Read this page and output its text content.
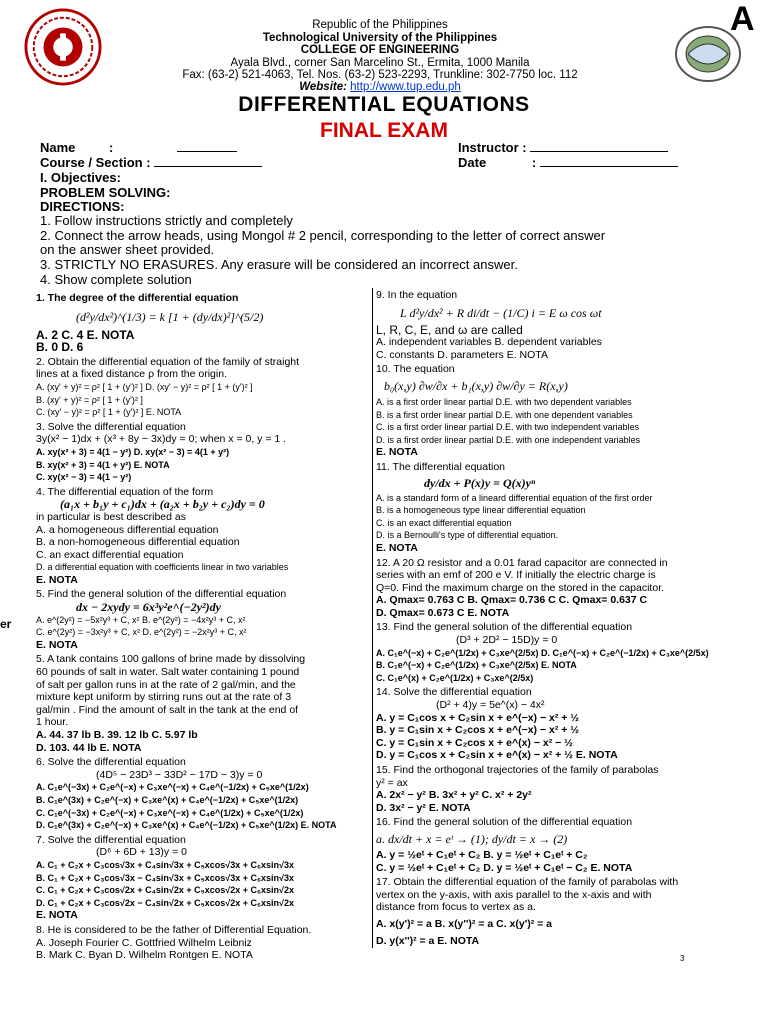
A
Republic of the Philippines
Technological University of the Philippines
COLLEGE OF ENGINEERING
Ayala Blvd., corner San Marcelino St., Ermita, 1000 Manila
Fax: (63-2) 521-4063, Tel. Nos. (63-2) 523-2293, Trunkline: 302-7750 loc. 112
Website: http://www.tup.edu.ph
DIFFERENTIAL EQUATIONS
FINAL EXAM
Name	:
Course / Section :
Instructor :
Date	:
I. Objectives:
PROBLEM SOLVING:
DIRECTIONS:
1. Follow instructions strictly and completely
2. Connect the arrow heads, using Mongol # 2 pencil, corresponding to the letter of correct answer
on the answer sheet provided.
3. STRICTLY NO ERASURES. Any erasure will be considered an incorrect answer.
4. Show complete solution
er
1. The degree of the differential equation
(d²y/dx²)^(1/3) = k [1 + (dy/dx)²]^(5/2)
A. 2 C. 4 E. NOTA
B. 0 D. 6
2. Obtain the differential equation of the family of straight
lines at a fixed distance ρ from the origin.
A. (xy' + y)² = ρ² [ 1 + (y')² ] D. (xy' − y)² = ρ² [ 1 + (y')² ]
B. (xy' + y)² = ρ² [ 1 + (y')² ]
C. (xy' − y)² = ρ² [ 1 + (y')² ] E. NOTA
3. Solve the differential equation
3y(x² − 1)dx + (x³ + 8y − 3x)dy = 0; when x = 0, y = 1 .
A. xy(x² + 3) = 4(1 − y²) D. xy(x² − 3) = 4(1 + y²)
B. xy(x² + 3) = 4(1 + y²) E. NOTA
C. xy(x² − 3) = 4(1 − y²)
4. The differential equation of the form
(a₁x + b₁y + c₁)dx + (a₂x + b₂y + c₂)dy = 0
in particular is best described as
A. a homogeneous differential equation
B. a non-homogeneous differential equation
C. an exact differential equation
D. a differential equation with coefficients linear in two variables
E. NOTA
5. Find the general solution of the differential equation
dx − 2xydy = 6x³y²e^(−2y²)dy
A. e^(2y²) = −5x²y³ + C, x² B. e^(2y²) = −4x²y³ + C, x²
C. e^(2y²) = −3x²y³ + C, x² D. e^(2y²) = −2x²y³ + C, x²
E. NOTA
5. A tank contains 100 gallons of brine made by dissolving
60 pounds of salt in water. Salt water containing 1 pound
of salt per gallon runs in at the rate of 2 gal/min, and the
mixture kept uniform by stirring runs out at the rate of 3
gal/min . Find the amount of salt in the tank at the end of
1 hour.
A. 44. 37 lb B. 39. 12 lb C. 5.97 lb
D. 103. 44 lb E. NOTA
6. Solve the differential equation
(4D⁵ − 23D³ − 33D² − 17D − 3)y = 0
A. C₁e^(−3x) + C₂e^(−x) + C₃xe^(−x) + C₄e^(−1/2x) + C₅xe^(1/2x)
B. C₁e^(3x) + C₂e^(−x) + C₃xe^(x) + C₄e^(−1/2x) + C₅xe^(1/2x)
C. C₁e^(−3x) + C₂e^(−x) + C₃xe^(−x) + C₄e^(1/2x) + C₅xe^(1/2x)
D. C₁e^(3x) + C₂e^(−x) + C₃xe^(x) + C₄e^(−1/2x) + C₅xe^(1/2x) E. NOTA
7. Solve the differential equation
(D⁶ + 6D + 13)y = 0
A. C₁ + C₂x + C₃cos√3x + C₄sin√3x + C₅xcos√3x + C₆xsin√3x
B. C₁ + C₂x + C₃cos√3x − C₄sin√3x + C₅xcos√3x + C₆xsin√3x
C. C₁ + C₂x + C₃cos√2x + C₄sin√2x + C₅xcos√2x + C₆xsin√2x
D. C₁ + C₂x + C₃cos√2x − C₄sin√2x + C₅xcos√2x + C₆xsin√2x
E. NOTA
8. He is considered to be the father of Differential Equation.
A. Joseph Fourier C. Gottfried Wilhelm Leibniz
B. Mark C. Byan D. Wilhelm Rontgen E. NOTA
9. In the equation
L d²y/dx² + R di/dt − (1/C) i = E ω cos ωt
L, R, C, E, and ω are called
A. independent variables B. dependent variables
C. constants D. parameters E. NOTA
10. The equation
b₀(x,y) ∂w/∂x + b₁(x,y) ∂w/∂y = R(x,y)
A. is a first order linear partial D.E. with two dependent variables
B. is a first order linear partial D.E. with one dependent variables
C. is a first order linear partial D.E. with two independent variables
D. is a first order linear partial D.E. with one independent variables
E. NOTA
11. The differential equation
dy/dx + P(x)y = Q(x)yⁿ
A. is a standard form of a lineard differential equation of the first order
B. is a homogeneous type linear differential equation
C. is an exact differential equation
D. is a Bernoulli's type of differential equation.
E. NOTA
12. A 20 Ω resistor and a 0.01 farad capacitor are connected in
series with an emf of 200 e V. If initially the electric charge is
Q=0. Find the maximum charge on the stored in the capacitor.
A. Qmax= 0.763 C B. Qmax= 0.736 C C. Qmax= 0.637 C
D. Qmax= 0.673 C E. NOTA
13. Find the general solution of the differential equation
(D³ + 2D² − 15D)y = 0
A. C₁e^(−x) + C₂e^(1/2x) + C₃xe^(2/5x) D. C₁e^(−x) + C₂e^(−1/2x) + C₃xe^(2/5x)
B. C₁e^(−x) + C₂e^(1/2x) + C₃xe^(2/5x) E. NOTA
C. C₁e^(x) + C₂e^(1/2x) + C₃xe^(2/5x)
14. Solve the differential equation
(D² + 4)y = 5e^(x) − 4x²
A. y = C₁cos x + C₂sin x + e^(−x) − x² + ½
B. y = C₁sin x + C₂cos x + e^(−x) − x² + ½
C. y = C₁sin x + C₂cos x + e^(x) − x² − ½
D. y = C₁cos x + C₂sin x + e^(x) − x² + ½ E. NOTA
15. Find the orthogonal trajectories of the family of parabolas
y² = ax
A. 2x² − y² B. 3x² + y² C. x² + 2y²
D. 3x² − y² E. NOTA
16. Find the general solution of the differential equation
a. dx/dt + x = eᵗ → (1); dy/dt = x → (2)
A. y = ½eᵗ + C₁eᵗ + C₂ B. y = ½eᵗ + C₁eᵗ + C₂
C. y = ½eᵗ + C₁eᵗ + C₂ D. y = ½eᵗ + C₁eᵗ − C₂ E. NOTA
17. Obtain the differential equation of the family of parabolas with
vertex on the y-axis, with axis parallel to the x-axis and with
distance from focus to vertex as a.
A. x(y')² = a B. x(y'')² = a C. x(y')² = a
D. y(x'')² = a E. NOTA
3
